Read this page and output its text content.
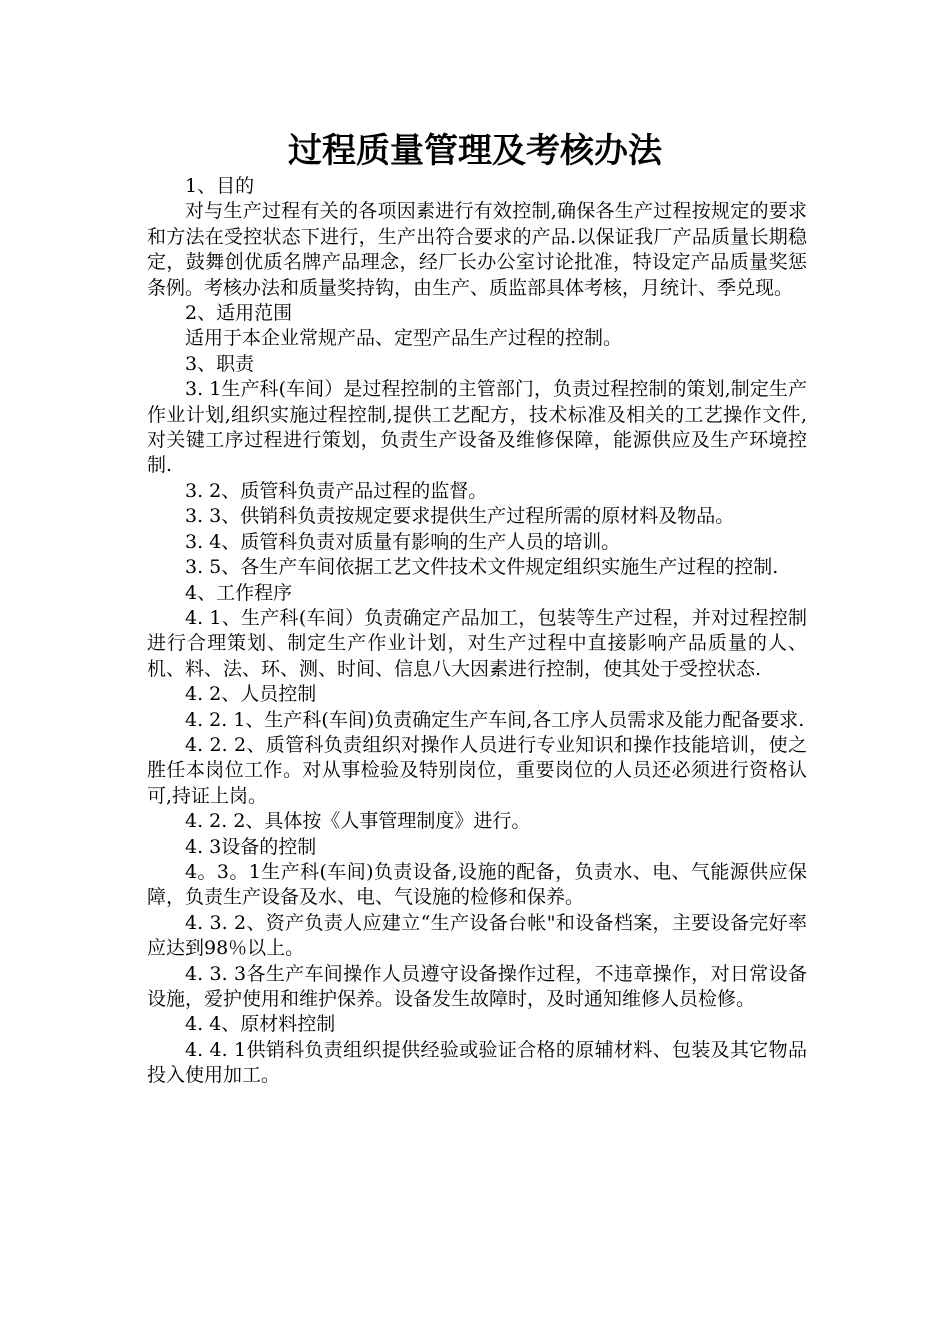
过程质量管理及考核办法

1、目的

对与生产过程有关的各项因素进行有效控制,确保各生产过程按规定的要求和方法在受控状态下进行，生产出符合要求的产品.以保证我厂产品质量长期稳定，鼓舞创优质名牌产品理念，经厂长办公室讨论批准，特设定产品质量奖惩条例。考核办法和质量奖持钩，由生产、质监部具体考核，月统计、季兑现。

2、适用范围

适用于本企业常规产品、定型产品生产过程的控制。

3、职责

3. 1生产科(车间）是过程控制的主管部门，负责过程控制的策划,制定生产作业计划,组织实施过程控制,提供工艺配方，技术标准及相关的工艺操作文件,对关键工序过程进行策划，负责生产设备及维修保障，能源供应及生产环境控制.

3. 2、质管科负责产品过程的监督。

3. 3、供销科负责按规定要求提供生产过程所需的原材料及物品。

3. 4、质管科负责对质量有影响的生产人员的培训。

3. 5、各生产车间依据工艺文件技术文件规定组织实施生产过程的控制.

4、工作程序

4. 1、生产科(车间）负责确定产品加工，包装等生产过程，并对过程控制进行合理策划、制定生产作业计划，对生产过程中直接影响产品质量的人、机、料、法、环、测、时间、信息八大因素进行控制，使其处于受控状态.

4. 2、人员控制

4. 2. 1、生产科(车间)负责确定生产车间,各工序人员需求及能力配备要求.

4. 2. 2、质管科负责组织对操作人员进行专业知识和操作技能培训，使之胜任本岗位工作。对从事检验及特别岗位，重要岗位的人员还必须进行资格认可,持证上岗。

4. 2. 2、具体按《人事管理制度》进行。

4. 3设备的控制

4。3。1生产科(车间)负责设备,设施的配备，负责水、电、气能源供应保障，负责生产设备及水、电、气设施的检修和保养。

4. 3. 2、资产负责人应建立“生产设备台帐"和设备档案，主要设备完好率应达到98％以上。

4. 3. 3各生产车间操作人员遵守设备操作过程，不违章操作，对日常设备设施，爱护使用和维护保养。设备发生故障时，及时通知维修人员检修。

4. 4、原材料控制

4. 4. 1供销科负责组织提供经验或验证合格的原辅材料、包装及其它物品投入使用加工。
